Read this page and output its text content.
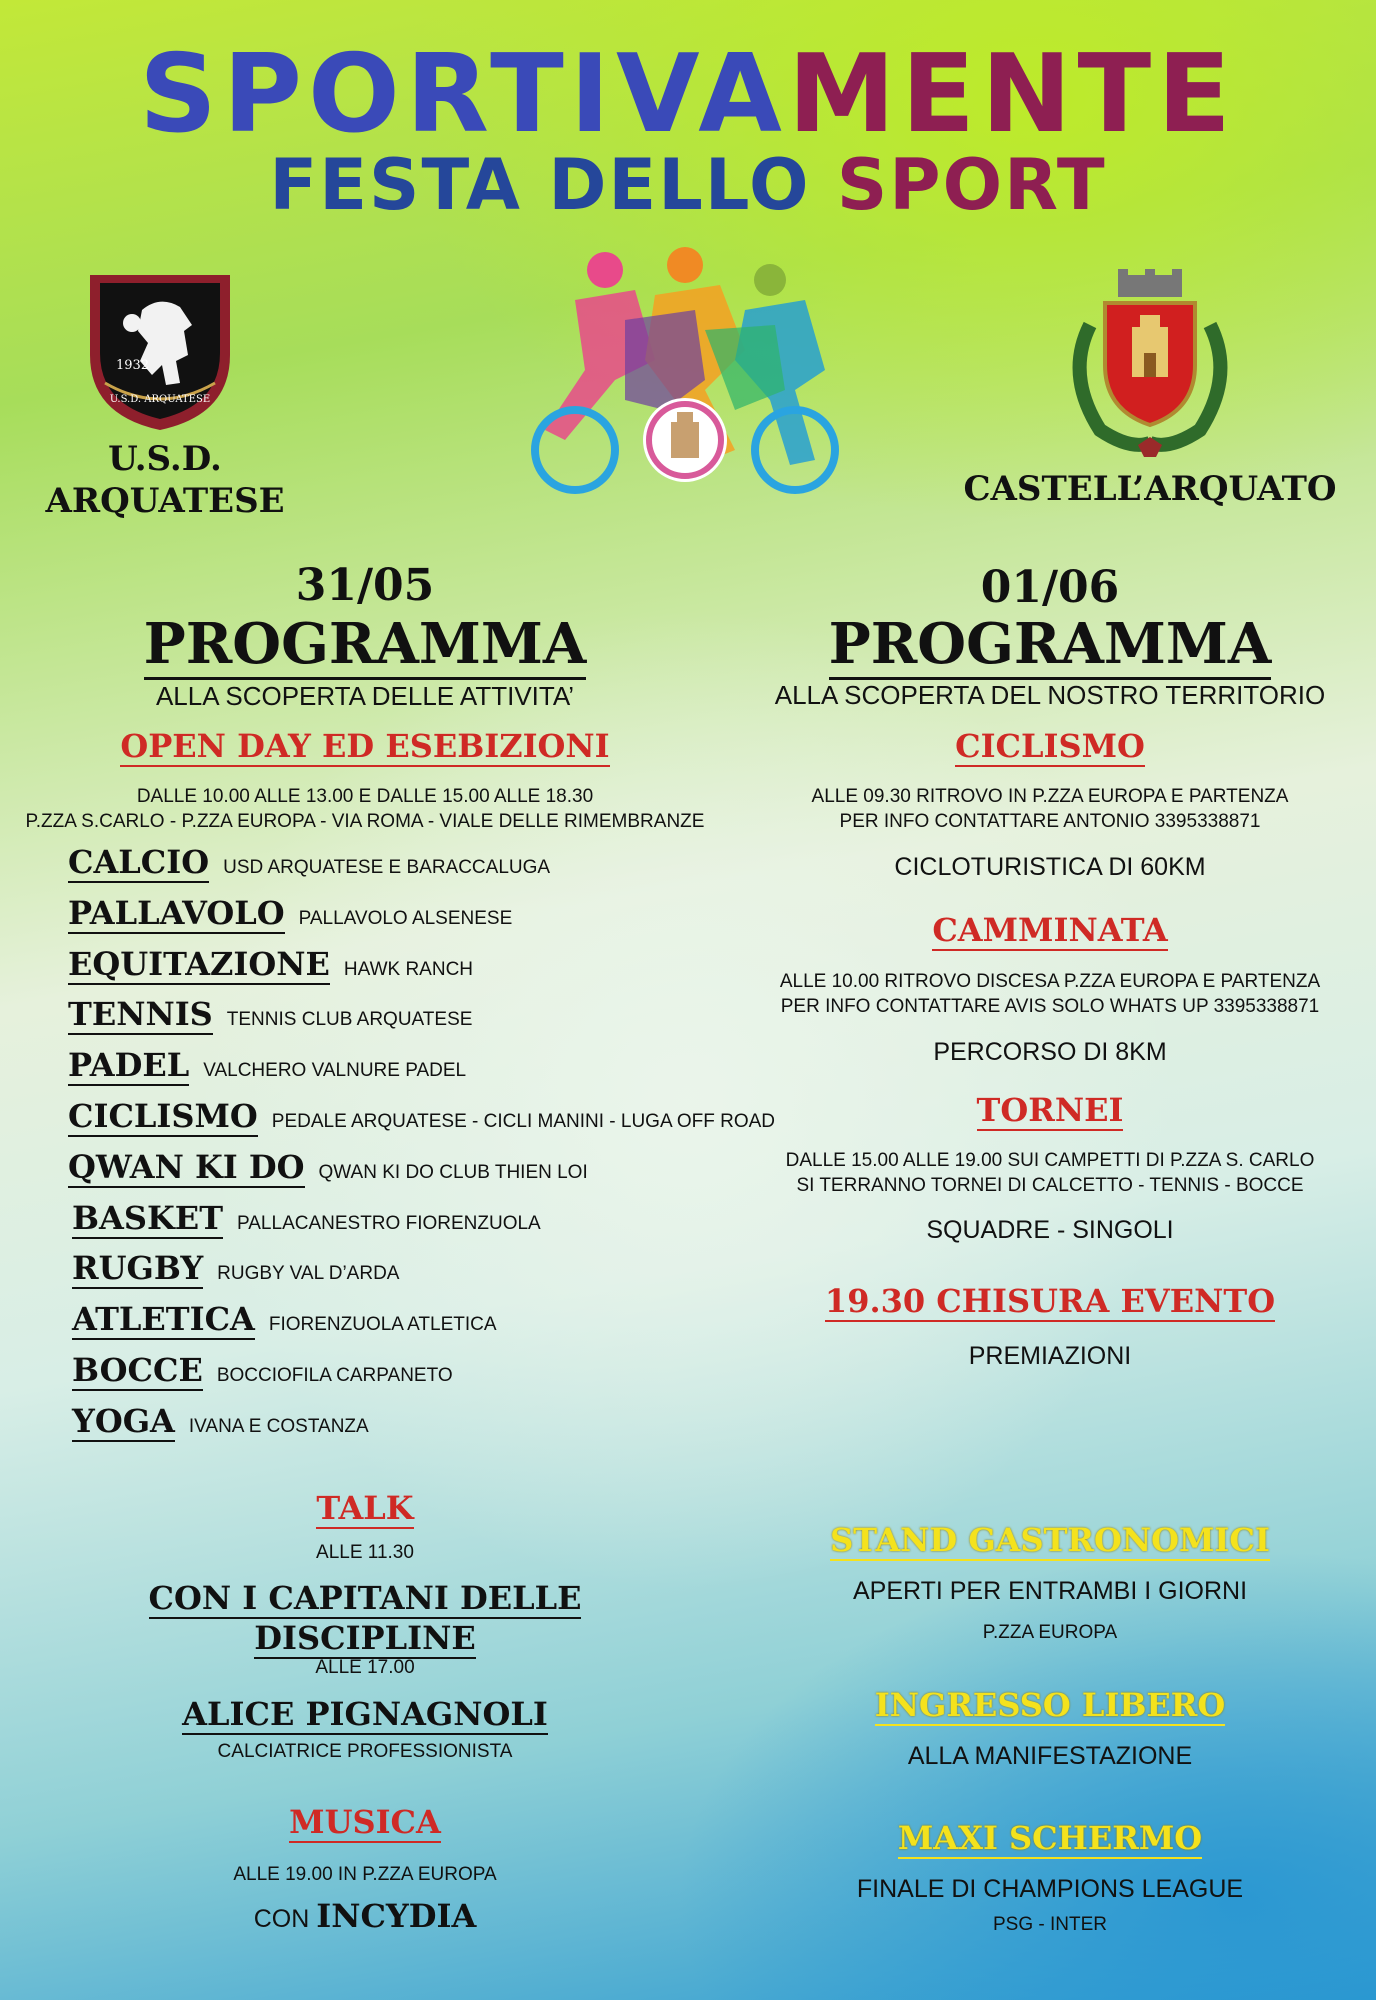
SPORTIVAMENTE
FESTA DELLO SPORT
1932
U.S.D. ARQUATESE
U.S.D.
ARQUATESE	CASTELL’ARQUATO
31/05
PROGRAMMA
ALLA SCOPERTA DELLE ATTIVITA’
OPEN DAY ED ESEBIZIONI
DALLE 10.00 ALLE 13.00 E DALLE 15.00 ALLE 18.30
P.ZZA S.CARLO - P.ZZA EUROPA - VIA ROMA - VIALE DELLE RIMEMBRANZE
CALCIO USD ARQUATESE E BARACCALUGA
PALLAVOLO PALLAVOLO ALSENESE
EQUITAZIONE HAWK RANCH
TENNIS TENNIS CLUB ARQUATESE
PADEL VALCHERO VALNURE PADEL
CICLISMO PEDALE ARQUATESE - CICLI MANINI - LUGA OFF ROAD
QWAN KI DO QWAN KI DO CLUB THIEN LOI
BASKET PALLACANESTRO FIORENZUOLA
RUGBY RUGBY VAL D’ARDA
ATLETICA FIORENZUOLA ATLETICA
BOCCE BOCCIOFILA CARPANETO
YOGA IVANA E COSTANZA
TALK
ALLE 11.30
CON I CAPITANI DELLE DISCIPLINE
ALLE 17.00
ALICE PIGNAGNOLI
CALCIATRICE PROFESSIONISTA
MUSICA
ALLE 19.00 IN P.ZZA EUROPA
CON INCYDIA
01/06
PROGRAMMA
ALLA SCOPERTA DEL NOSTRO TERRITORIO
CICLISMO
ALLE 09.30 RITROVO IN P.ZZA EUROPA E PARTENZA
PER INFO CONTATTARE ANTONIO 3395338871
CICLOTURISTICA DI 60KM
CAMMINATA
ALLE 10.00 RITROVO DISCESA P.ZZA EUROPA E PARTENZA
PER INFO CONTATTARE AVIS SOLO WHATS UP 3395338871
PERCORSO DI 8KM
TORNEI
DALLE 15.00 ALLE 19.00 SUI CAMPETTI DI P.ZZA S. CARLO
SI TERRANNO TORNEI DI CALCETTO - TENNIS - BOCCE
SQUADRE - SINGOLI
19.30 CHISURA EVENTO
PREMIAZIONI
STAND GASTRONOMICI
APERTI PER ENTRAMBI I GIORNI
P.ZZA EUROPA
INGRESSO LIBERO
ALLA MANIFESTAZIONE
MAXI SCHERMO
FINALE DI CHAMPIONS LEAGUE
PSG - INTER
